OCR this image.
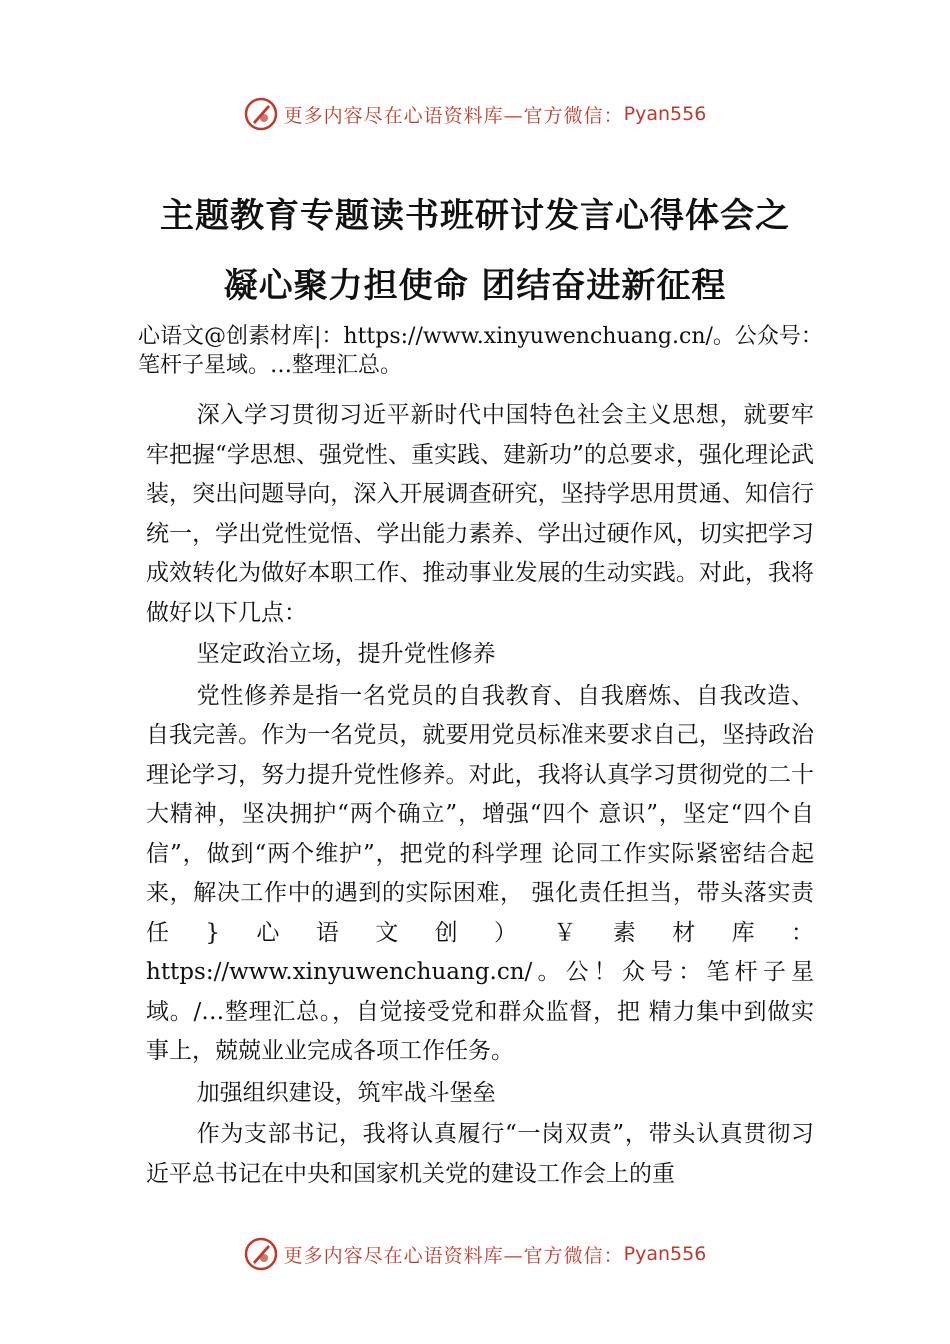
更多内容尽在心语资料库—官方微信： Pyan556
主题教育专题读书班研讨发言心得体会之
凝心聚力担使命 团结奋进新征程
心语文@创素材库|：https://www.xinyuwenchuang.cn/。公众号：笔杆子星域。…整理汇总。

深入学习贯彻习近平新时代中国特色社会主义思想，就要牢牢把握“学思想、强党性、重实践、建新功”的总要求，强化理论武装，突出问题导向，深入开展调查研究，坚持学思用贯通、知信行统一，学出党性觉悟、学出能力素养、学出过硬作风，切实把学习成效转化为做好本职工作、推动事业发展的生动实践。对此，我将做好以下几点：

坚定政治立场，提升党性修养

党性修养是指一名党员的自我教育、自我磨炼、自我改造、自我完善。作为一名党员，就要用党员标准来要求自己，坚持政治理论学习，努力提升党性修养。对此，我将认真学习贯彻党的二十大精神，坚决拥护“两个确立”，增强“四个 意识”，坚定“四个自信”，做到“两个维护”，把党的科学理 论同工作实际紧密结合起来，解决工作中的遇到的实际困难， 强化责任担当，带头落实责任}心语文创）￥素材库：https://www.xinyuwenchuang.cn/。公！众号：笔杆子星域。/…整理汇总。，自觉接受党和群众监督，把 精力集中到做实事上，兢兢业业完成各项工作任务。

加强组织建设，筑牢战斗堡垒

作为支部书记，我将认真履行“一岗双责”，带头认真贯彻习近平总书记在中央和国家机关党的建设工作会上的重

更多内容尽在心语资料库—官方微信： Pyan556
